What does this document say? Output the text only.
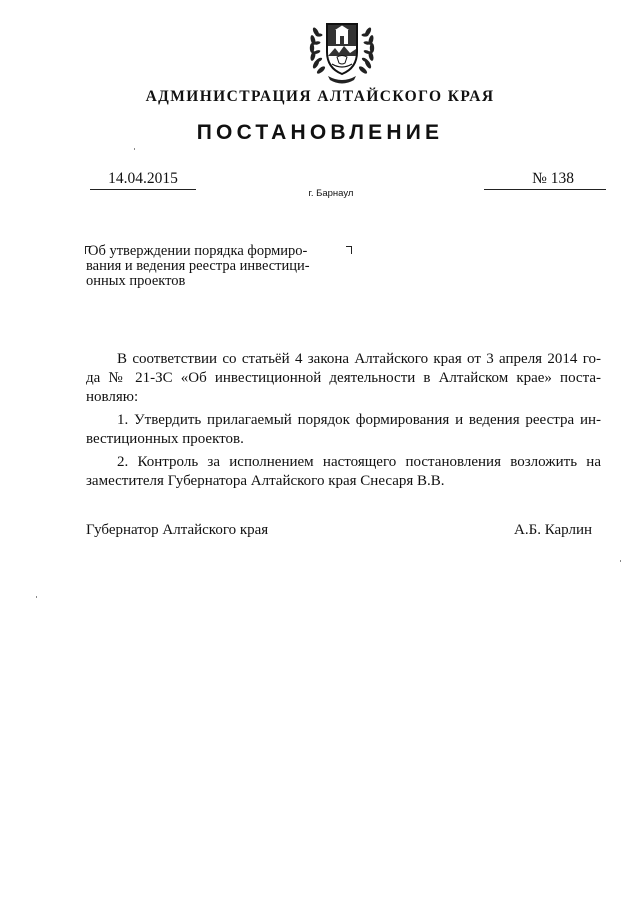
АДМИНИСТРАЦИЯ АЛТАЙСКОГО КРАЯ
ПОСТАНОВЛЕНИЕ
14.04.2015	№ 138
г. Барнаул
Об утверждении порядка формиро-
вания и ведения реестра инвестици-
онных проектов
В соответствии со статьёй 4 закона Алтайского края от 3 апреля 2014 го-
да № 21-ЗС «Об инвестиционной деятельности в Алтайском крае» поста-
новляю:
1. Утвердить прилагаемый порядок формирования и ведения реестра ин-
вестиционных проектов.
2. Контроль за исполнением настоящего постановления возложить на
заместителя Губернатора Алтайского края Снесаря В.В.
Губернатор Алтайского края	А.Б. Карлин
